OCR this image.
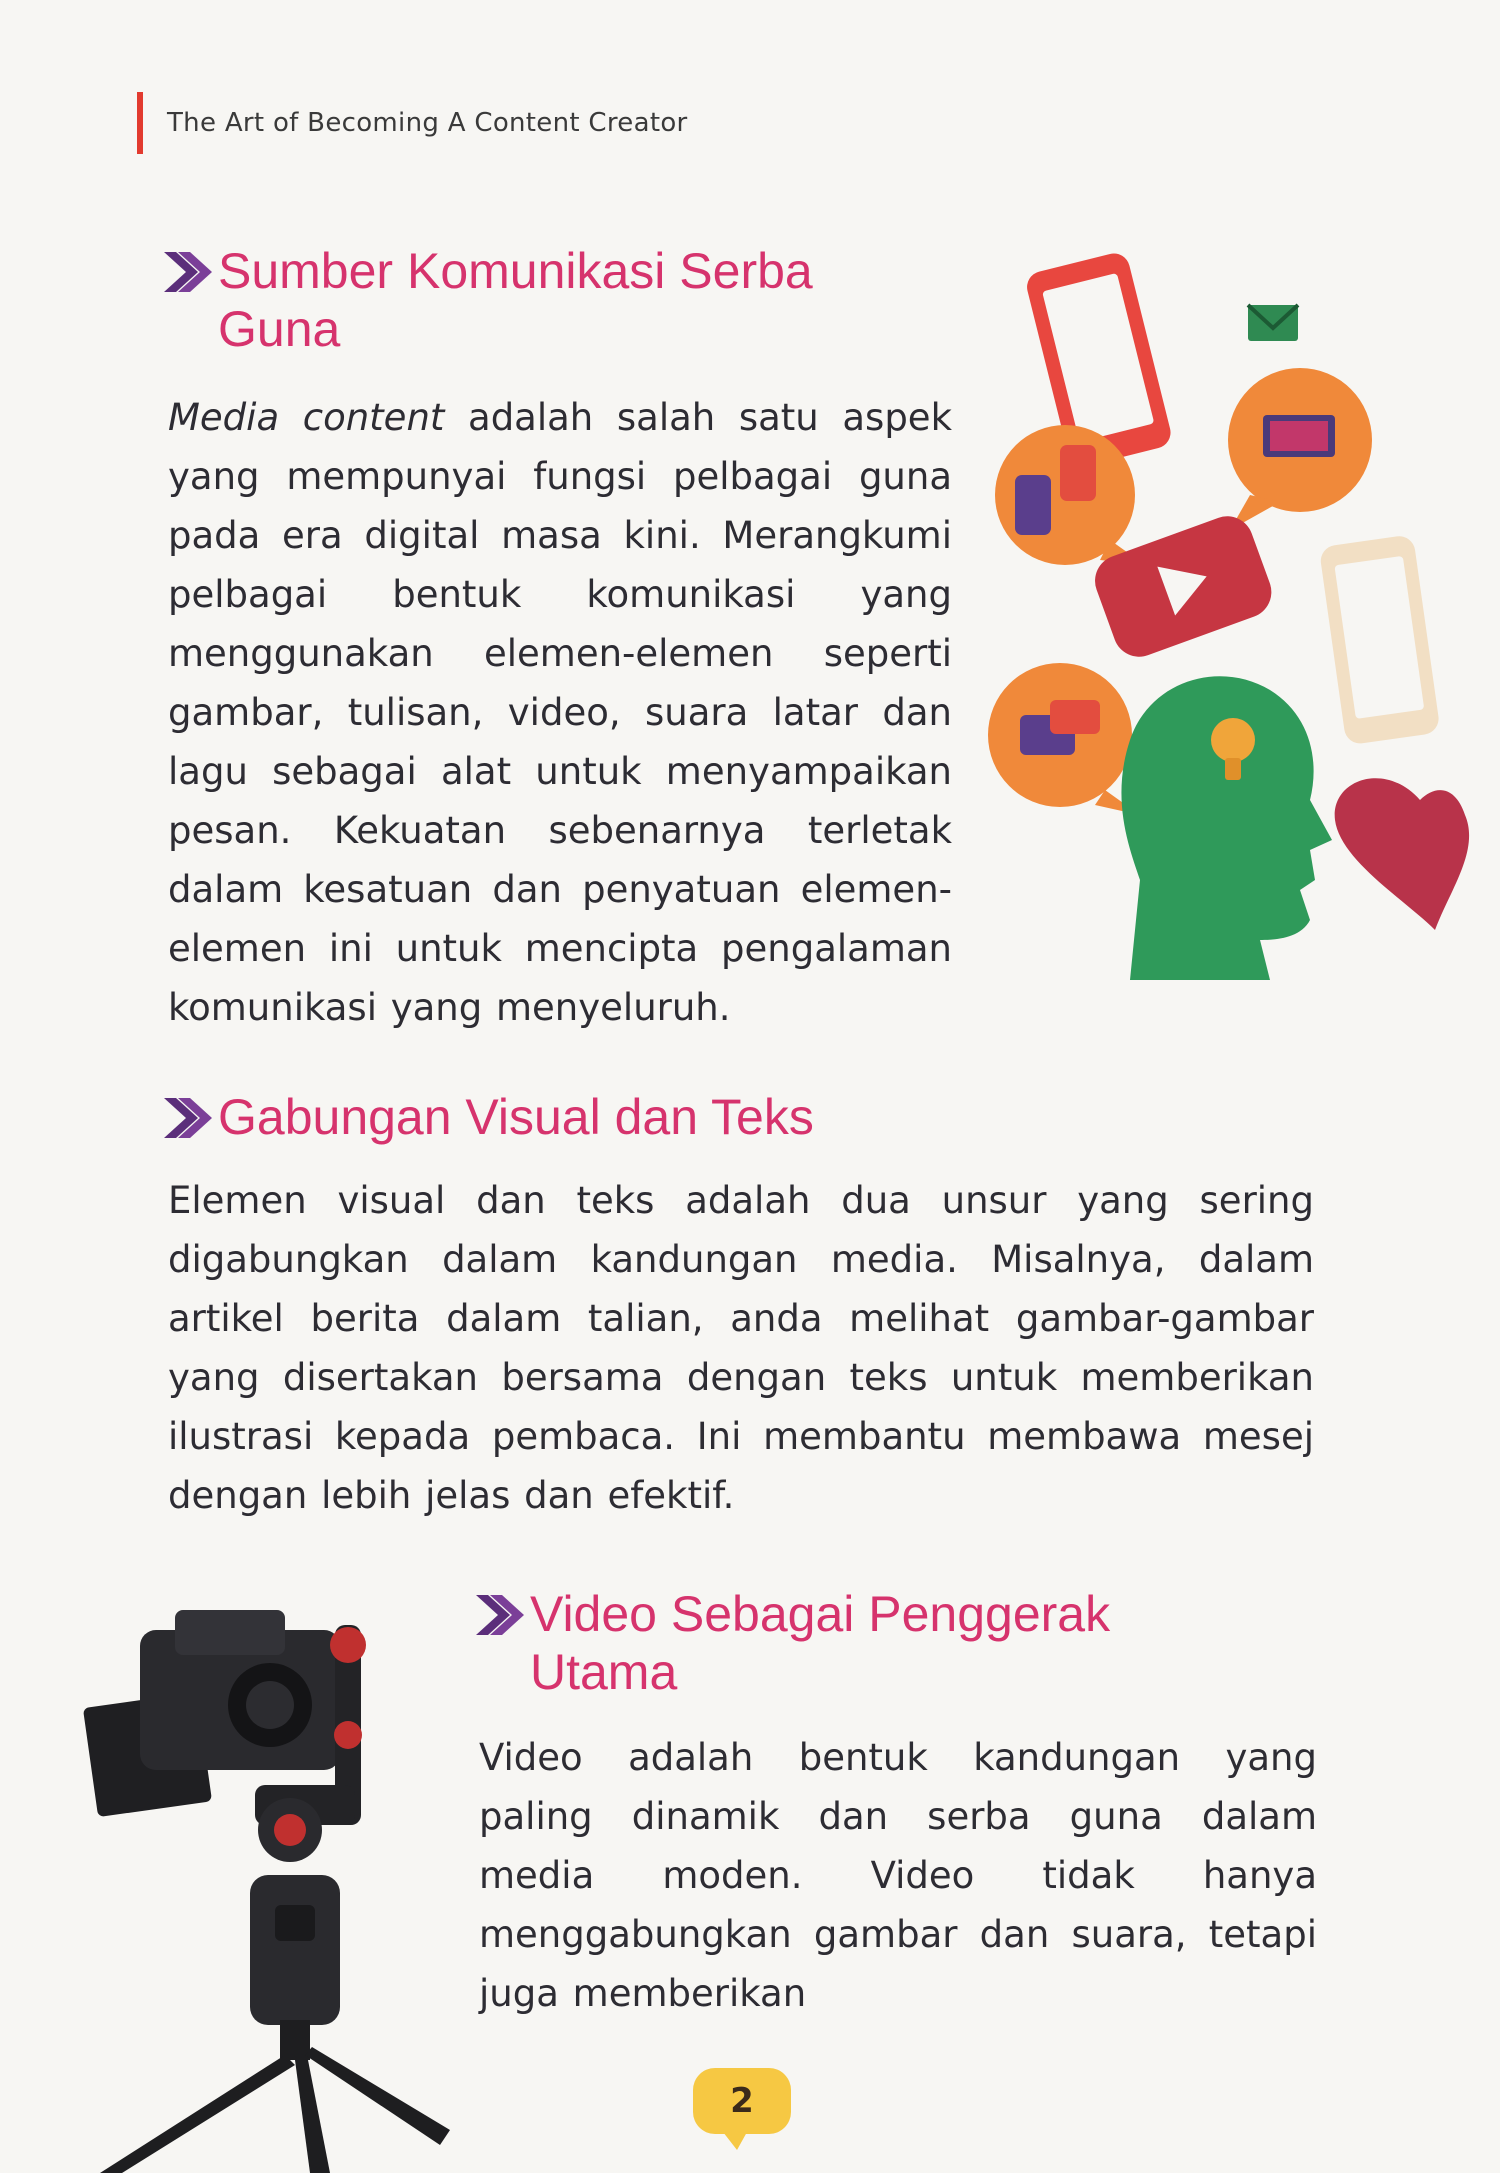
The Art of Becoming A Content Creator
Sumber Komunikasi Serba Guna

Media content adalah salah satu aspek yang mempunyai fungsi pelbagai guna pada era digital masa kini. Merangkumi pelbagai bentuk komunikasi yang menggunakan elemen-elemen seperti gambar, tulisan, video, suara latar dan lagu sebagai alat untuk menyampaikan pesan. Kekuatan sebenarnya terletak dalam kesatuan dan penyatuan elemen-elemen ini untuk mencipta pengalaman komunikasi yang menyeluruh.

Gabungan Visual dan Teks

Elemen visual dan teks adalah dua unsur yang sering digabungkan dalam kandungan media. Misalnya, dalam artikel berita dalam talian, anda melihat gambar-gambar yang disertakan bersama dengan teks untuk memberikan ilustrasi kepada pembaca. Ini membantu membawa mesej dengan lebih jelas dan efektif.

Video Sebagai Penggerak Utama

Video adalah bentuk kandungan yang paling dinamik dan serba guna dalam media moden. Video tidak hanya menggabungkan gambar dan suara, tetapi juga memberikan

2
